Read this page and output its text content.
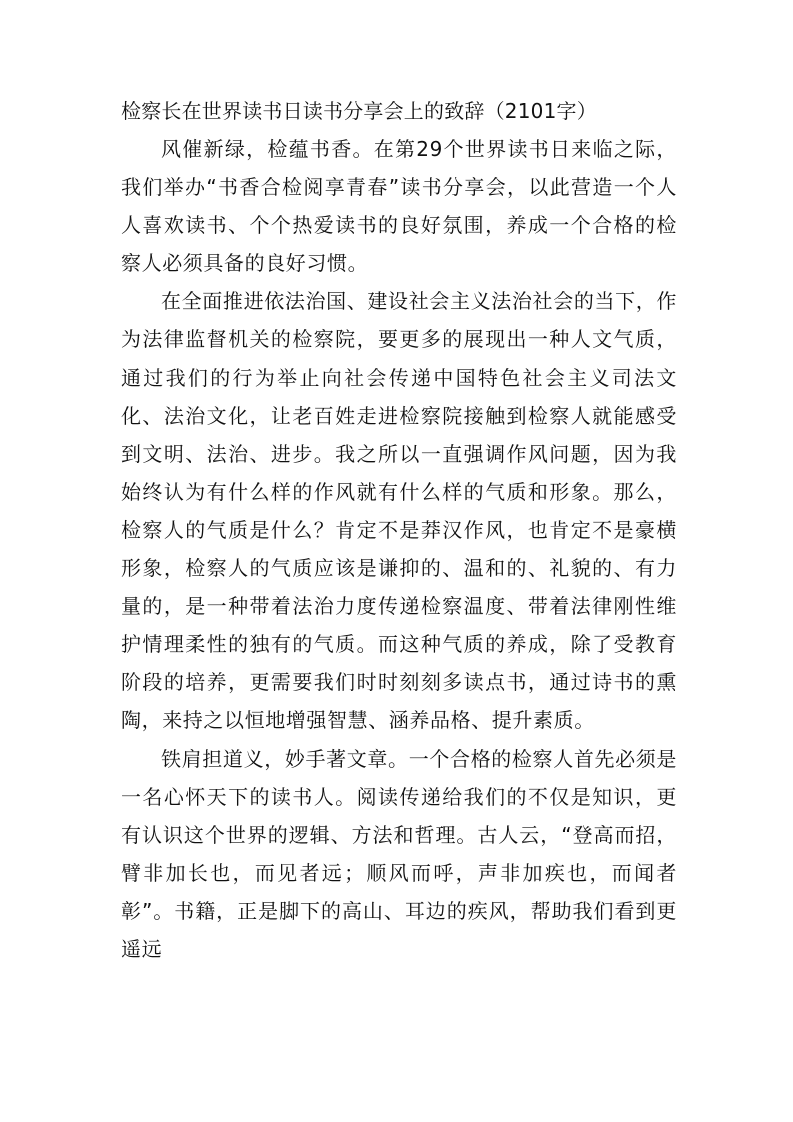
检察长在世界读书日读书分享会上的致辞（2101字）

风催新绿，检蕴书香。在第29个世界读书日来临之际，我们举办“书香合检阅享青春”读书分享会，以此营造一个人人喜欢读书、个个热爱读书的良好氛围，养成一个合格的检察人必须具备的良好习惯。

在全面推进依法治国、建设社会主义法治社会的当下，作为法律监督机关的检察院，要更多的展现出一种人文气质，通过我们的行为举止向社会传递中国特色社会主义司法文化、法治文化，让老百姓走进检察院接触到检察人就能感受到文明、法治、进步。我之所以一直强调作风问题，因为我始终认为有什么样的作风就有什么样的气质和形象。那么，检察人的气质是什么？肯定不是莽汉作风，也肯定不是豪横形象，检察人的气质应该是谦抑的、温和的、礼貌的、有力量的，是一种带着法治力度传递检察温度、带着法律刚性维护情理柔性的独有的气质。而这种气质的养成，除了受教育阶段的培养，更需要我们时时刻刻多读点书，通过诗书的熏陶，来持之以恒地增强智慧、涵养品格、提升素质。

铁肩担道义，妙手著文章。一个合格的检察人首先必须是一名心怀天下的读书人。阅读传递给我们的不仅是知识，更有认识这个世界的逻辑、方法和哲理。古人云，“登高而招，臂非加长也，而见者远；顺风而呼，声非加疾也，而闻者彰”。书籍，正是脚下的高山、耳边的疾风，帮助我们看到更遥远
